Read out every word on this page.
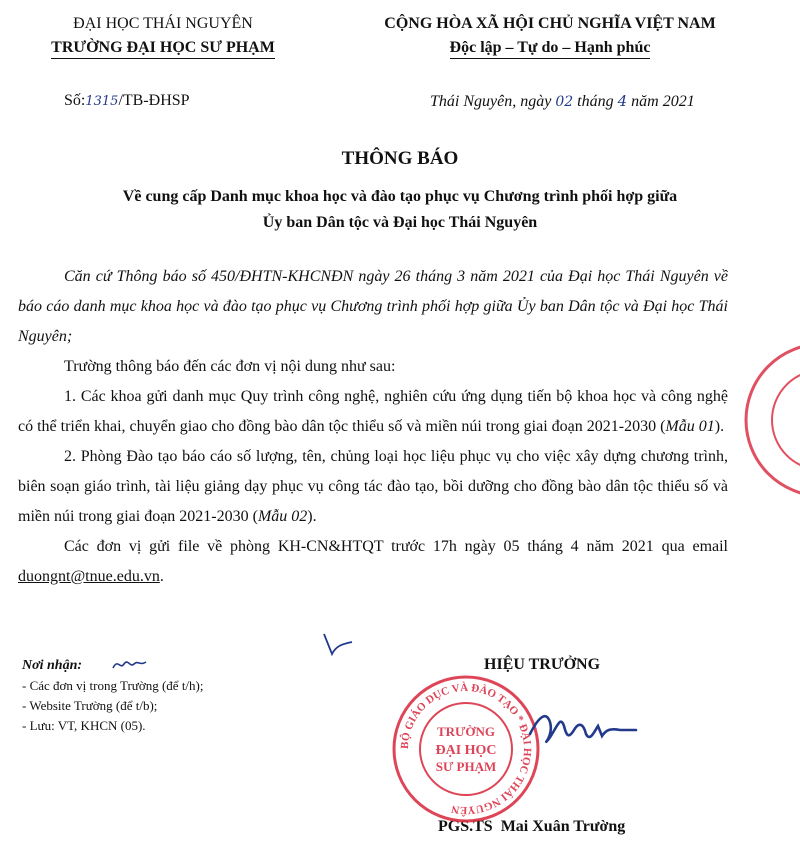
ĐẠI HỌC THÁI NGUYÊN
TRƯỜNG ĐẠI HỌC SƯ PHẠM
CỘNG HÒA XÃ HỘI CHỦ NGHĨA VIỆT NAM
Độc lập – Tự do – Hạnh phúc
Số:1315/TB-ĐHSP	Thái Nguyên, ngày 02 tháng 4 năm 2021
THÔNG BÁO
Về cung cấp Danh mục khoa học và đào tạo phục vụ Chương trình phối hợp giữa
Ủy ban Dân tộc và Đại học Thái Nguyên

Căn cứ Thông báo số 450/ĐHTN-KHCNĐN ngày 26 tháng 3 năm 2021 của Đại học Thái Nguyên về báo cáo danh mục khoa học và đào tạo phục vụ Chương trình phối hợp giữa Ủy ban Dân tộc và Đại học Thái Nguyên;

Trường thông báo đến các đơn vị nội dung như sau:

1. Các khoa gửi danh mục Quy trình công nghệ, nghiên cứu ứng dụng tiến bộ khoa học và công nghệ có thể triển khai, chuyển giao cho đồng bào dân tộc thiểu số và miền núi trong giai đoạn 2021-2030 (Mẫu 01).

2. Phòng Đào tạo báo cáo số lượng, tên, chủng loại học liệu phục vụ cho việc xây dựng chương trình, biên soạn giáo trình, tài liệu giảng dạy phục vụ công tác đào tạo, bồi dưỡng cho đồng bào dân tộc thiểu số và miền núi trong giai đoạn 2021-2030 (Mẫu 02).

Các đơn vị gửi file về phòng KH-CN&HTQT trước 17h ngày 05 tháng 4 năm 2021 qua email duongnt@tnue.edu.vn.

Nơi nhận:
- Các đơn vị trong Trường (để t/h);
- Website Trường (để t/b);
- Lưu: VT, KHCN (05).
HIỆU TRƯỞNG
PGS.TS  Mai Xuân Trường
BỘ GIÁO DỤC VÀ ĐÀO TẠO * ĐẠI HỌC THÁI NGUYÊN
TRƯỜNG
ĐẠI HỌC
SƯ PHẠM
